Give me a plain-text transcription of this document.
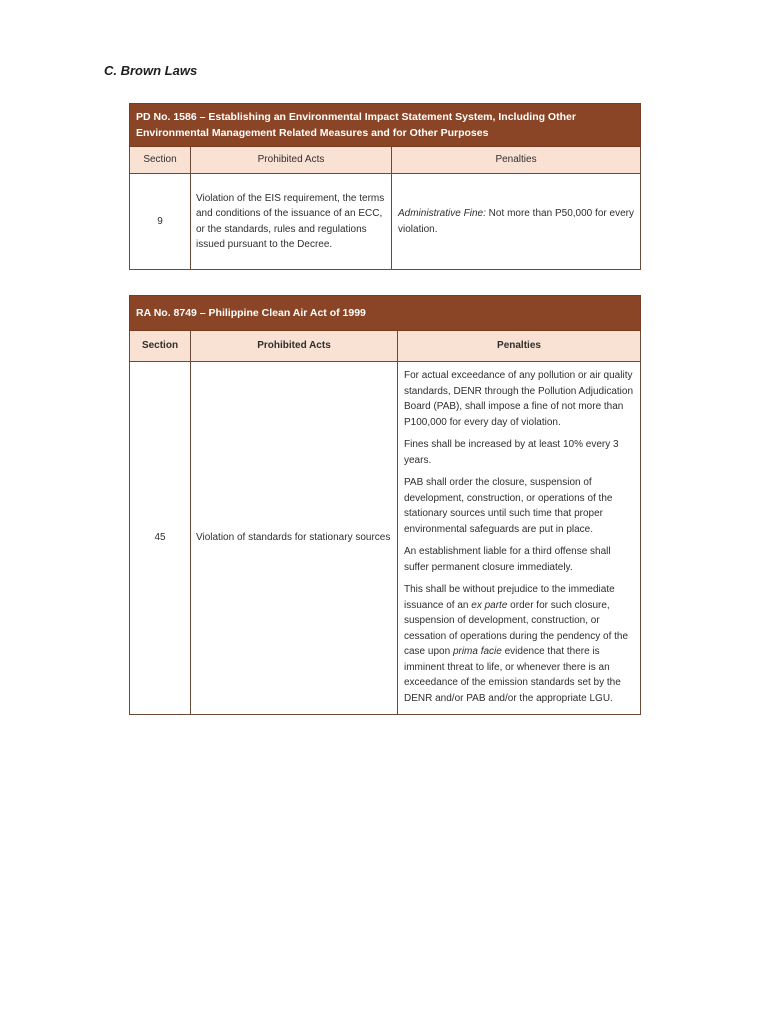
C. Brown Laws
PD No. 1586 – Establishing an Environmental Impact Statement System, Including Other Environmental Management Related Measures and for Other Purposes		
Section	Prohibited Acts	Penalties
9	Violation of the EIS requirement, the terms and conditions of the issuance of an ECC, or the standards, rules and regulations issued pursuant to the Decree.	Administrative Fine: Not more than P50,000 for every violation.
RA No. 8749 – Philippine Clean Air Act of 1999		
Section	Prohibited Acts	Penalties
45	Violation of standards for stationary sources	For actual exceedance of any pollution or air quality standards, DENR through the Pollution Adjudication Board (PAB), shall impose a fine of not more than P100,000 for every day of violation.

Fines shall be increased by at least 10% every 3 years.

PAB shall order the closure, suspension of development, construction, or operations of the stationary sources until such time that proper environmental safeguards are put in place.

An establishment liable for a third offense shall suffer permanent closure immediately.

This shall be without prejudice to the immediate issuance of an ex parte order for such closure, suspension of development, construction, or cessation of operations during the pendency of the case upon prima facie evidence that there is imminent threat to life, or whenever there is an exceedance of the emission standards set by the DENR and/or PAB and/or the appropriate LGU.
